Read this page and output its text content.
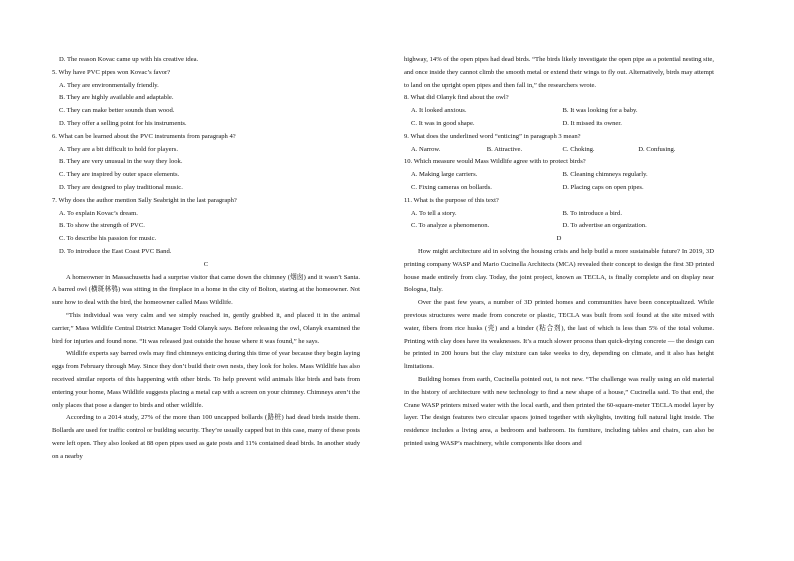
D. The reason Kovac came up with his creative idea.
5. Why have PVC pipes won Kovac’s favor?
A. They are environmentally friendly.
B. They are highly available and adaptable.
C. They can make better sounds than wood.
D. They offer a selling point for his instruments.
6. What can be learned about the PVC instruments from paragraph 4?
A. They are a bit difficult to hold for players.
B. They are very unusual in the way they look.
C. They are inspired by outer space elements.
D. They are designed to play traditional music.
7. Why does the author mention Sally Seabright in the last paragraph?
A. To explain Kovac’s dream.
B. To show the strength of PVC.
C. To describe his passion for music.
D. To introduce the East Coast PVC Band.
C
A homeowner in Massachusetts had a surprise visitor that came down the chimney (烟囱) and it wasn’t Santa. A barred owl (横斑林鸮) was sitting in the fireplace in a home in the city of Bolton, staring at the homeowner. Not sure how to deal with the bird, the homeowner called Mass Wildlife.
“This individual was very calm and we simply reached in, gently grabbed it, and placed it in the animal carrier,” Mass Wildlife Central District Manager Todd Olanyk says. Before releasing the owl, Olanyk examined the bird for injuries and found none. “It was released just outside the house where it was found,” he says.
Wildlife experts say barred owls may find chimneys enticing during this time of year because they begin laying eggs from February through May. Since they don’t build their own nests, they look for holes. Mass Wildlife has also received similar reports of this happening with other birds. To help prevent wild animals like birds and bats from entering your home, Mass Wildlife suggests placing a metal cap with a screen on your chimney. Chimneys aren’t the only places that pose a danger to birds and other wildlife.
According to a 2014 study, 27% of the more than 100 uncapped bollards (路桩) had dead birds inside them. Bollards are used for traffic control or building security. They’re usually capped but in this case, many of these posts were left open. They also looked at 88 open pipes used as gate posts and 11% contained dead birds. In another study on a nearby
highway, 14% of the open pipes had dead birds. “The birds likely investigate the open pipe as a potential nesting site, and once inside they cannot climb the smooth metal or extend their wings to fly out. Alternatively, birds may attempt to land on the upright open pipes and then fall in,” the researchers wrote.
8. What did Olanyk find about the owl?
A. It looked anxious.	B. It was looking for a baby.
C. It was in good shape.	D. It missed its owner.
9. What does the underlined word “enticing” in paragraph 3 mean?
A. Narrow.	B. Attractive.	C. Choking.	D. Confusing.
10. Which measure would Mass Wildlife agree with to protect birds?
A. Making large carriers.	B. Cleaning chimneys regularly.
C. Fixing cameras on bollards.	D. Placing caps on open pipes.
11. What is the purpose of this text?
A. To tell a story.	B. To introduce a bird.
C. To analyze a phenomenon.	D. To advertise an organization.
D
How might architecture aid in solving the housing crisis and help build a more sustainable future? In 2019, 3D printing company WASP and Mario Cucinella Architects (MCA) revealed their concept to design the first 3D printed house made entirely from clay. Today, the joint project, known as TECLA, is finally complete and on display near Bologna, Italy.
Over the past few years, a number of 3D printed homes and communities have been conceptualized. While previous structures were made from concrete or plastic, TECLA was built from soil found at the site mixed with water, fibers from rice husks (壳) and a binder (粘合剂), the last of which is less than 5% of the total volume. Printing with clay does have its weaknesses. It’s a much slower process than quick-drying concrete — the design can be printed in 200 hours but the clay mixture can take weeks to dry, depending on climate, and it also has height limitations.
Building homes from earth, Cucinella pointed out, is not new. “The challenge was really using an old material in the history of architecture with new technology to find a new shape of a house,” Cucinella said. To that end, the Crane WASP printers mixed water with the local earth, and then printed the 60-square-meter TECLA model layer by layer. The design features two circular spaces joined together with skylights, inviting full natural light inside. The residence includes a living area, a bedroom and bathroom. Its furniture, including tables and chairs, can also be printed using WASP’s machinery, while components like doors and
